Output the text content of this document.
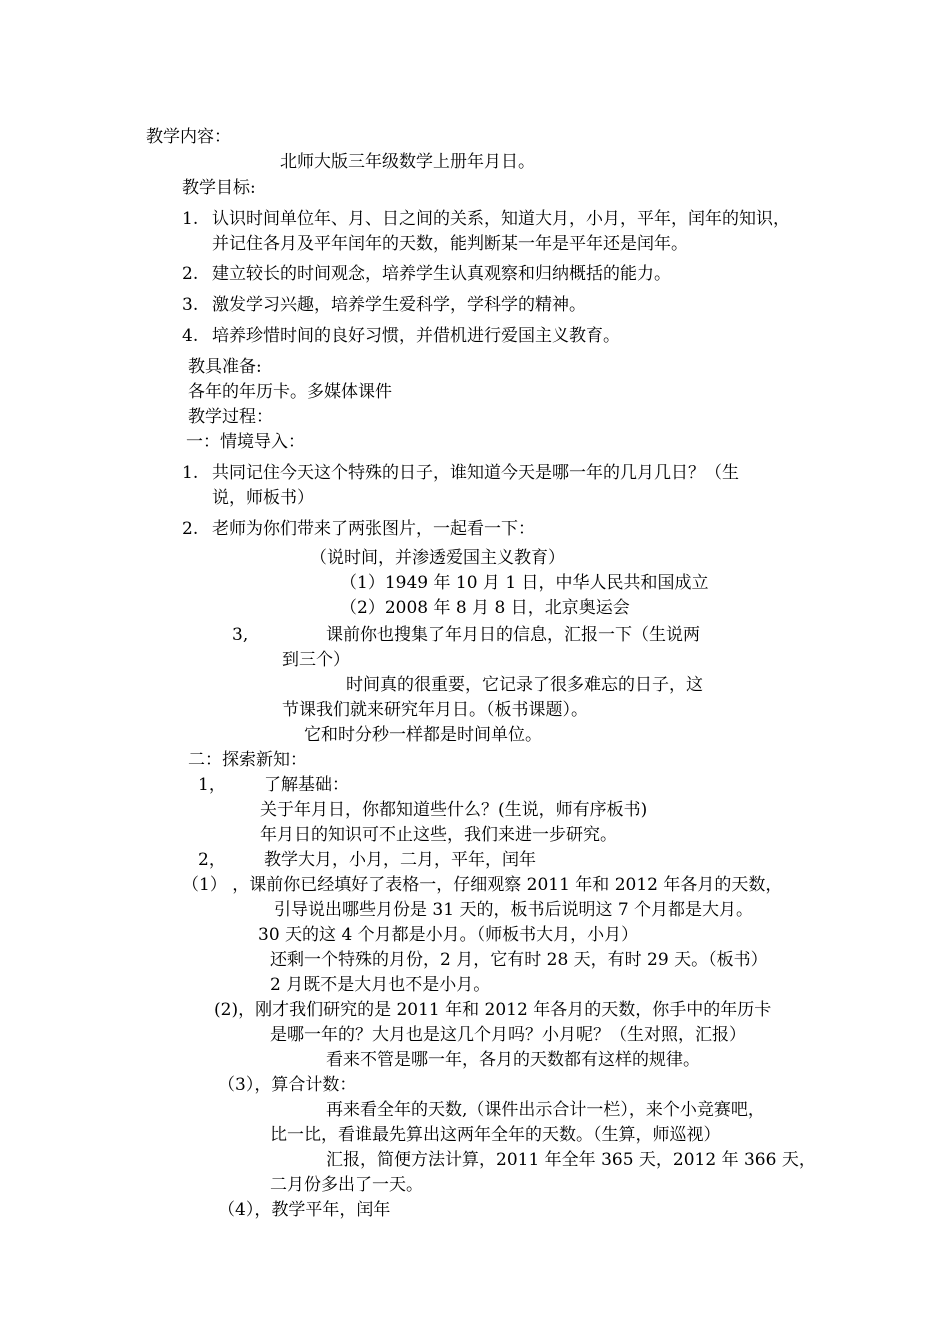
教学内容：
北师大版三年级数学上册年月日。
教学目标:
1. 认识时间单位年、月、日之间的关系，知道大月，小月，平年，闰年的知识，
并记住各月及平年闰年的天数，能判断某一年是平年还是闰年。
2. 建立较长的时间观念，培养学生认真观察和归纳概括的能力。
3. 激发学习兴趣，培养学生爱科学，学科学的精神。
4. 培养珍惜时间的良好习惯，并借机进行爱国主义教育。
教具准备:
各年的年历卡。多媒体课件
教学过程：
一：情境导入：
1. 共同记住今天这个特殊的日子，谁知道今天是哪一年的几月几日？（生
说，师板书）
2. 老师为你们带来了两张图片，一起看一下：
（说时间，并渗透爱国主义教育）
（1）1949 年 10 月 1 日，中华人民共和国成立
（2）2008 年 8 月 8 日，北京奥运会
3,	课前你也搜集了年月日的信息，汇报一下（生说两
到三个）
时间真的很重要，它记录了很多难忘的日子，这
节课我们就来研究年月日。（板书课题）。
它和时分秒一样都是时间单位。
二：探索新知：
1， 了解基础：
关于年月日，你都知道些什么？(生说，师有序板书)
年月日的知识可不止这些，我们来进一步研究。
2， 教学大月，小月，二月，平年，闰年
（1） ，课前你已经填好了表格一，仔细观察 2011 年和 2012 年各月的天数，
引导说出哪些月份是 31 天的，板书后说明这 7 个月都是大月。
30 天的这 4 个月都是小月。（师板书大月，小月）
还剩一个特殊的月份，2 月，它有时 28 天，有时 29 天。（板书）
2 月既不是大月也不是小月。
(2)，刚才我们研究的是 2011 年和 2012 年各月的天数，你手中的年历卡
是哪一年的？大月也是这几个月吗？小月呢？（生对照，汇报）
看来不管是哪一年，各月的天数都有这样的规律。
（3），算合计数：
再来看全年的天数,（课件出示合计一栏），来个小竞赛吧，
比一比，看谁最先算出这两年全年的天数。（生算，师巡视）
汇报，简便方法计算，2011 年全年 365 天，2012 年 366 天，
二月份多出了一天。
（4），教学平年，闰年
